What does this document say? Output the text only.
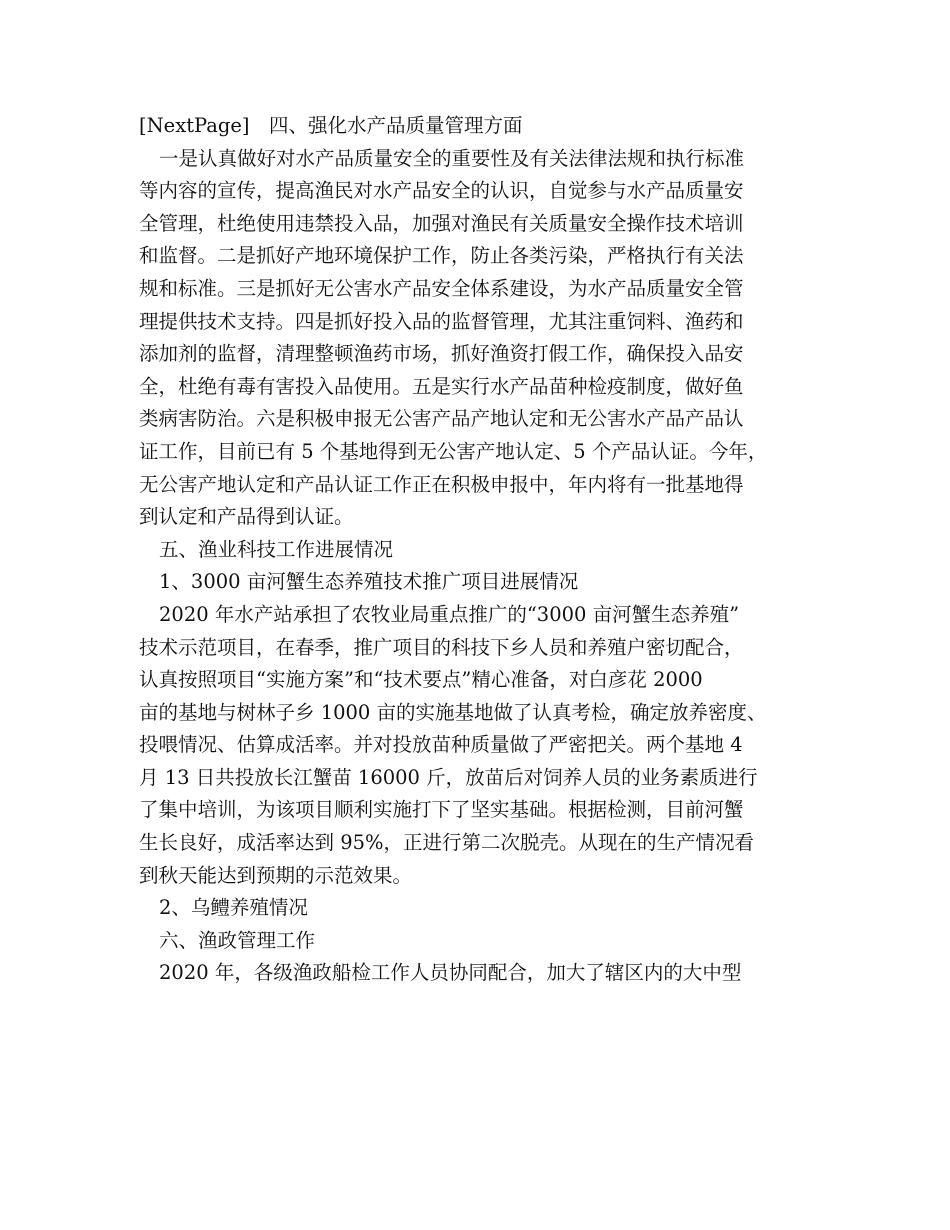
[NextPage]　四、强化水产品质量管理方面
一是认真做好对水产品质量安全的重要性及有关法律法规和执行标准
等内容的宣传，提高渔民对水产品安全的认识，自觉参与水产品质量安
全管理，杜绝使用违禁投入品，加强对渔民有关质量安全操作技术培训
和监督。二是抓好产地环境保护工作，防止各类污染，严格执行有关法
规和标准。三是抓好无公害水产品安全体系建设，为水产品质量安全管
理提供技术支持。四是抓好投入品的监督管理，尤其注重饲料、渔药和
添加剂的监督，清理整顿渔药市场，抓好渔资打假工作，确保投入品安
全，杜绝有毒有害投入品使用。五是实行水产品苗种检疫制度，做好鱼
类病害防治。六是积极申报无公害产品产地认定和无公害水产品产品认
证工作，目前已有 5 个基地得到无公害产地认定、5 个产品认证。今年，
无公害产地认定和产品认证工作正在积极申报中，年内将有一批基地得
到认定和产品得到认证。
五、渔业科技工作进展情况
1、3000 亩河蟹生态养殖技术推广项目进展情况
2020 年水产站承担了农牧业局重点推广的“3000 亩河蟹生态养殖”
技术示范项目，在春季，推广项目的科技下乡人员和养殖户密切配合，
认真按照项目“实施方案”和“技术要点”精心准备，对白彦花 2000
亩的基地与树林子乡 1000 亩的实施基地做了认真考检，确定放养密度、
投喂情况、估算成活率。并对投放苗种质量做了严密把关。两个基地 4
月 13 日共投放长江蟹苗 16000 斤，放苗后对饲养人员的业务素质进行
了集中培训，为该项目顺利实施打下了坚实基础。根据检测，目前河蟹
生长良好，成活率达到 95%，正进行第二次脱壳。从现在的生产情况看
到秋天能达到预期的示范效果。
2、乌鳢养殖情况
六、渔政管理工作
2020 年，各级渔政船检工作人员协同配合，加大了辖区内的大中型
